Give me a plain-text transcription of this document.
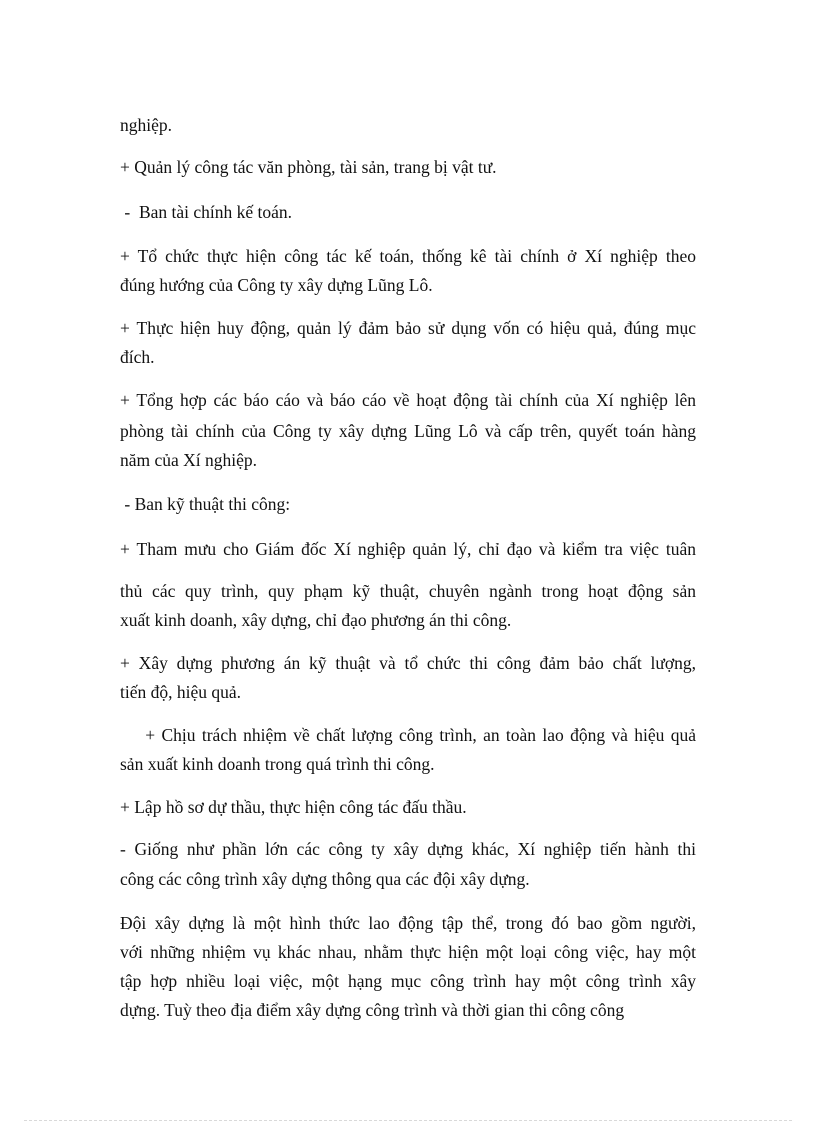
nghiệp.
+ Quản lý công tác văn phòng, tài sản, trang bị vật tư.
-  Ban tài chính kế toán.
+ Tổ chức thực hiện công tác kế toán, thống kê tài chính ở Xí nghiệp theo
đúng hướng của Công ty xây dựng Lũng Lô.
+ Thực hiện huy động, quản lý đảm bảo sử dụng vốn có hiệu quả, đúng mục
đích.
+ Tổng hợp các báo cáo và báo cáo về hoạt động tài chính của Xí nghiệp lên
phòng tài chính của Công ty xây dựng Lũng Lô và cấp trên, quyết toán hàng
năm của Xí nghiệp.
- Ban kỹ thuật thi công:
+ Tham mưu cho Giám đốc Xí nghiệp quản lý, chỉ đạo và kiểm tra việc tuân
thủ các quy trình, quy phạm kỹ thuật, chuyên ngành trong hoạt động sản
xuất kinh doanh, xây dựng, chỉ đạo phương án thi công.
+ Xây dựng phương án kỹ thuật và tổ chức thi công đảm bảo chất lượng,
tiến độ, hiệu quả.
+ Chịu trách nhiệm về chất lượng công trình, an toàn lao động và hiệu quả
sản xuất kinh doanh trong quá trình thi công.
+ Lập hồ sơ dự thầu, thực hiện công tác đấu thầu.
- Giống như phần lớn các công ty xây dựng khác, Xí nghiệp tiến hành thi
công các công trình xây dựng thông qua các đội xây dựng.
Đội xây dựng là một hình thức lao động tập thể, trong đó bao gồm người,
với những nhiệm vụ khác nhau, nhằm thực hiện một loại công việc, hay một
tập hợp nhiều loại việc, một hạng mục công trình hay một công trình xây
dựng. Tuỳ theo địa điểm xây dựng công trình và thời gian thi công công
